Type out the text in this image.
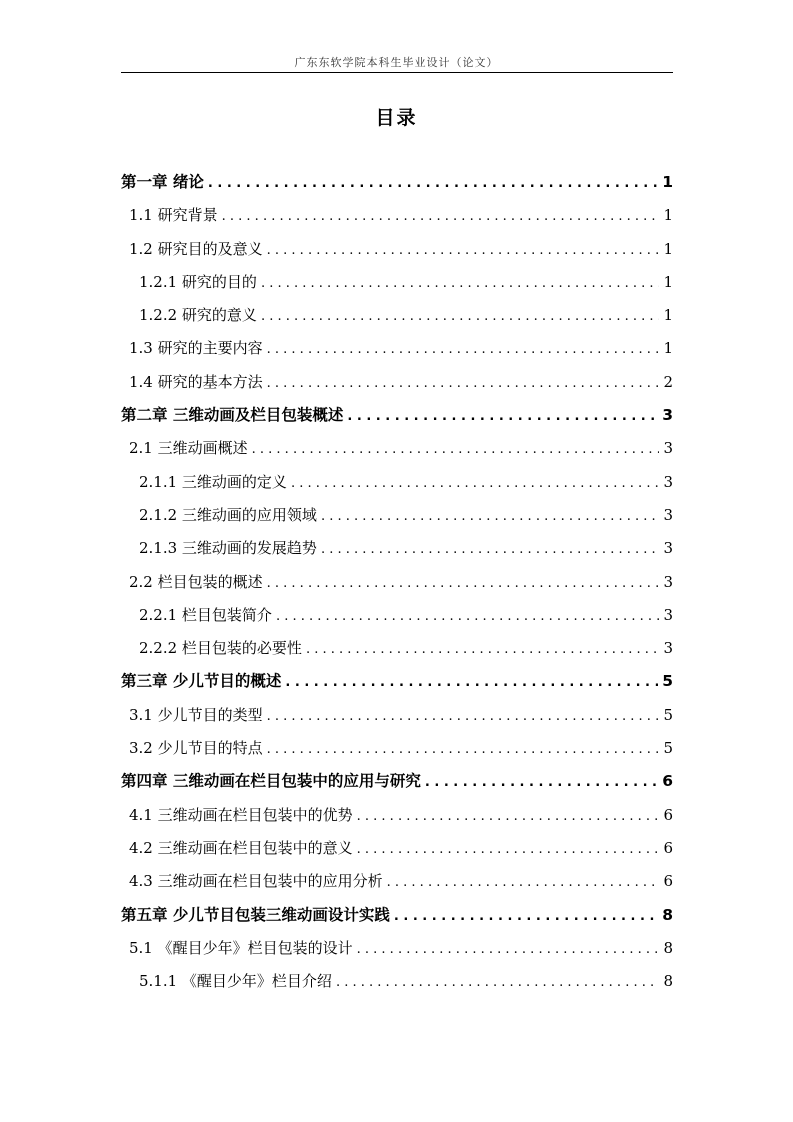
广东东软学院本科生毕业设计（论文）
目录
第一章 绪论 . . .	1
1.1 研究背景 . . .	1
1.2 研究目的及意义 . . .	1
1.2.1 研究的目的 . . .	1
1.2.2 研究的意义 . . .	1
1.3 研究的主要内容 . . .	1
1.4 研究的基本方法 . . .	2
第二章 三维动画及栏目包装概述 . . .	3
2.1 三维动画概述 . . .	3
2.1.1 三维动画的定义 . . .	3
2.1.2 三维动画的应用领域 . . .	3
2.1.3 三维动画的发展趋势 . . .	3
2.2 栏目包装的概述 . . .	3
2.2.1 栏目包装简介 . . .	3
2.2.2 栏目包装的必要性 . . .	3
第三章 少儿节目的概述 . . .	5
3.1 少儿节目的类型 . . .	5
3.2 少儿节目的特点 . . .	5
第四章 三维动画在栏目包装中的应用与研究 . . .	6
4.1 三维动画在栏目包装中的优势 . . .	6
4.2 三维动画在栏目包装中的意义 . . .	6
4.3 三维动画在栏目包装中的应用分析 . . .	6
第五章 少儿节目包装三维动画设计实践 . . .	8
5.1 《醒目少年》栏目包装的设计 . . .	8
5.1.1 《醒目少年》栏目介绍 . . .	8
